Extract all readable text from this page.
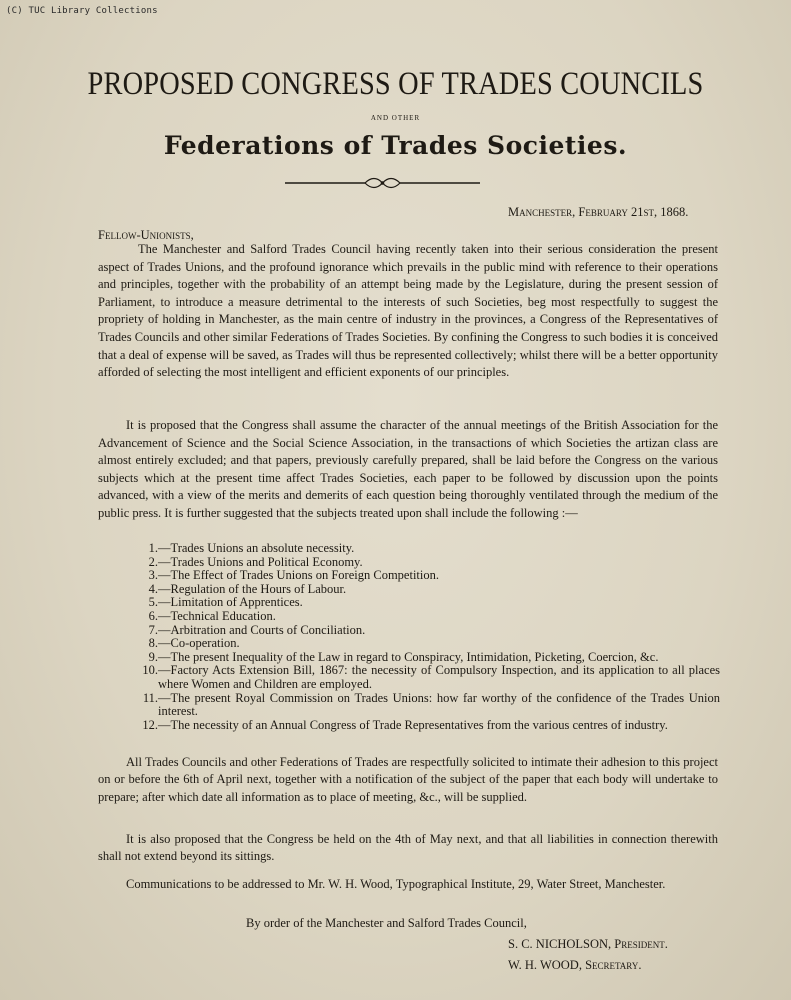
(C) TUC Library Collections
PROPOSED CONGRESS OF TRADES COUNCILS
AND OTHER
Federations of Trades Societies.
Manchester, February 21st, 1868.
Fellow-Unionists,

The Manchester and Salford Trades Council having recently taken into their serious consideration the present aspect of Trades Unions, and the profound ignorance which prevails in the public mind with reference to their operations and principles, together with the probability of an attempt being made by the Legislature, during the present session of Parliament, to introduce a measure detrimental to the interests of such Societies, beg most respectfully to suggest the propriety of holding in Manchester, as the main centre of industry in the provinces, a Congress of the Representatives of Trades Councils and other similar Federations of Trades Societies. By confining the Congress to such bodies it is conceived that a deal of expense will be saved, as Trades will thus be represented collectively; whilst there will be a better opportunity afforded of selecting the most intelligent and efficient exponents of our principles.

It is proposed that the Congress shall assume the character of the annual meetings of the British Association for the Advancement of Science and the Social Science Association, in the transactions of which Societies the artizan class are almost entirely excluded; and that papers, previously carefully prepared, shall be laid before the Congress on the various subjects which at the present time affect Trades Societies, each paper to be followed by discussion upon the points advanced, with a view of the merits and demerits of each question being thoroughly ventilated through the medium of the public press. It is further suggested that the subjects treated upon shall include the following :—

1. —Trades Unions an absolute necessity.
2. —Trades Unions and Political Economy.
3. —The Effect of Trades Unions on Foreign Competition.
4. —Regulation of the Hours of Labour.
5. —Limitation of Apprentices.
6. —Technical Education.
7. —Arbitration and Courts of Conciliation.
8. —Co-operation.
9. —The present Inequality of the Law in regard to Conspiracy, Intimidation, Picketing, Coercion, &c.
10. —Factory Acts Extension Bill, 1867: the necessity of Compulsory Inspection, and its application to all places where Women and Children are employed.
11. —The present Royal Commission on Trades Unions: how far worthy of the confidence of the Trades Union interest.
12. —The necessity of an Annual Congress of Trade Representatives from the various centres of industry.

All Trades Councils and other Federations of Trades are respectfully solicited to intimate their adhesion to this project on or before the 6th of April next, together with a notification of the subject of the paper that each body will undertake to prepare; after which date all information as to place of meeting, &c., will be supplied.

It is also proposed that the Congress be held on the 4th of May next, and that all liabilities in connection therewith shall not extend beyond its sittings.

Communications to be addressed to Mr. W. H. Wood, Typographical Institute, 29, Water Street, Manchester.

By order of the Manchester and Salford Trades Council,
S. C. NICHOLSON, President.
W. H. WOOD, Secretary.
